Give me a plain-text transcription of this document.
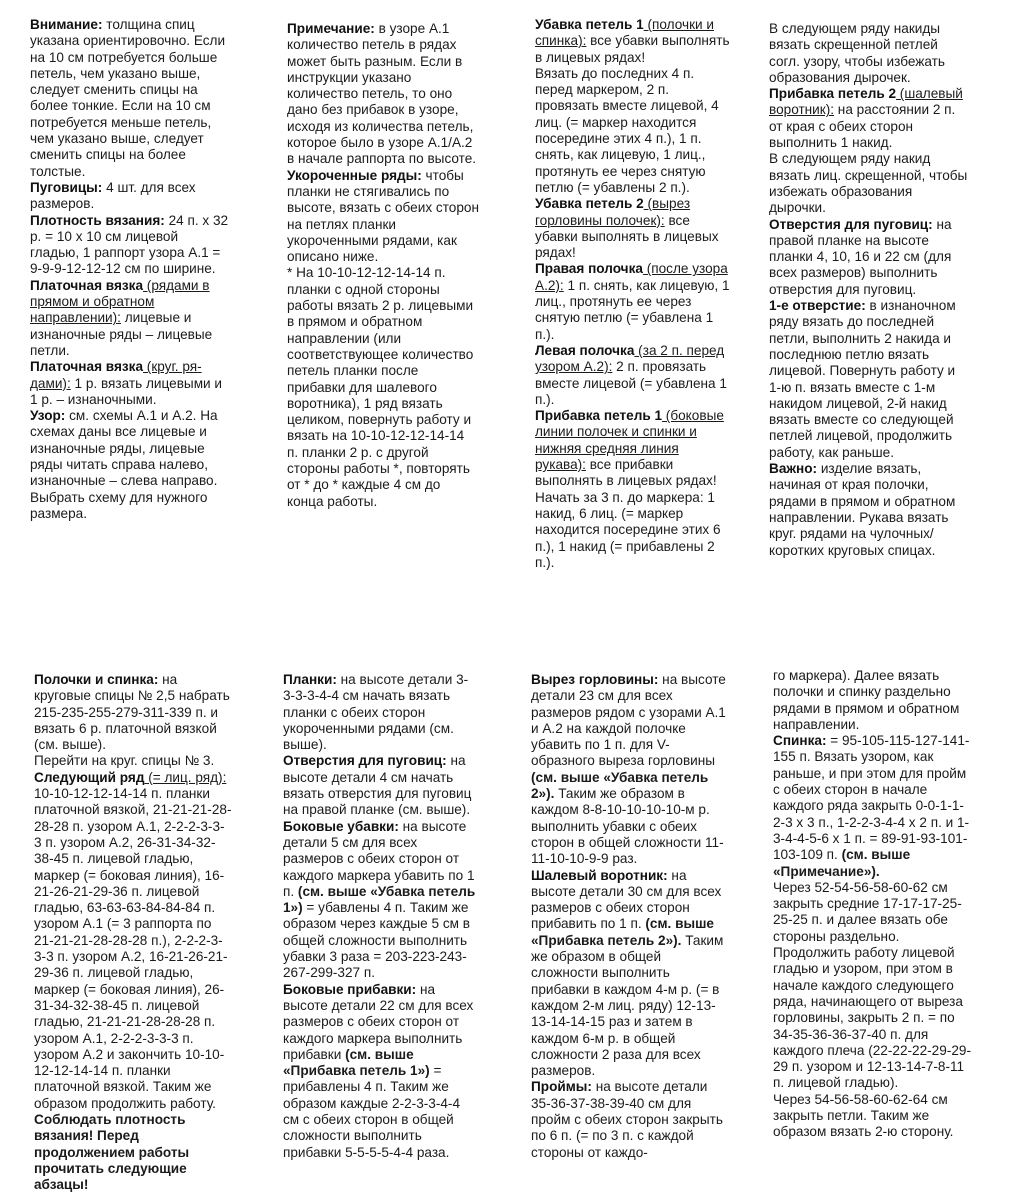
Внимание: толщина спиц указана ориентировочно. Если на 10 см потребуется больше петель, чем указано выше, следует сменить спицы на более тонкие. Если на 10 см потребуется меньше петель, чем указано выше, следует сменить спицы на более толстые.

Пуговицы: 4 шт. для всех размеров.

Плотность вязания: 24 п. x 32 р. = 10 x 10 см лицевой гладью, 1 раппорт узора A.1 = 9-9-9-12-12-12 см по ширине.

Платочная вязка (рядами в прямом и обратном направлении): лицевые и изнаночные ряды – лицевые петли.

Платочная вязка (круг. рядами): 1 р. вязать лицевыми и 1 р. – изнаночными.

Узор: см. схемы A.1 и A.2. На схемах даны все лицевые и изнаночные ряды, лицевые ряды читать справа налево, изнаночные – слева направо. Выбрать схему для нужного размера.

Примечание: в узоре A.1 количество петель в рядах может быть разным. Если в инструкции указано количество петель, то оно дано без прибавок в узоре, исходя из количества петель, которое было в узоре A.1/A.2 в начале раппорта по высоте.

Укороченные ряды: чтобы планки не стягивались по высоте, вязать с обеих сторон на петлях планки укороченными рядами, как описано ниже.

* На 10-10-12-12-14-14 п. планки с одной стороны работы вязать 2 р. лицевыми в прямом и обратном направлении (или соответствующее количество петель планки после прибавки для шалевого воротника), 1 ряд вязать целиком, повернуть работу и вязать на 10-10-12-12-14-14 п. планки 2 р. с другой стороны работы *, повторять от * до * каждые 4 см до конца работы.

Убавка петель 1 (полочки и спинка): все убавки выполнять в лицевых рядах!

Вязать до последних 4 п. перед маркером, 2 п. провязать вместе лицевой, 4 лиц. (= маркер находится посередине этих 4 п.), 1 п. снять, как лицевую, 1 лиц., протянуть ее через снятую петлю (= убавлены 2 п.).

Убавка петель 2 (вырез горловины полочек): все убавки выполнять в лицевых рядах!

Правая полочка (после узора A.2): 1 п. снять, как лицевую, 1 лиц., протянуть ее через снятую петлю (= убавлена 1 п.).

Левая полочка (за 2 п. перед узором A.2): 2 п. провязать вместе лицевой (= убавлена 1 п.).

Прибавка петель 1 (боковые линии полочек и спинки и нижняя средняя линия рукава): все прибавки выполнять в лицевых рядах!

Начать за 3 п. до маркера: 1 накид, 6 лиц. (= маркер находится посередине этих 6 п.), 1 накид (= прибавлены 2 п.).

В следующем ряду накиды вязать скрещенной петлей согл. узору, чтобы избежать образования дырочек.

Прибавка петель 2 (шалевый воротник): на расстоянии 2 п. от края с обеих сторон выполнить 1 накид.

В следующем ряду накид вязать лиц. скрещенной, чтобы избежать образования дырочки.

Отверстия для пуговиц: на правой планке на высоте планки 4, 10, 16 и 22 см (для всех размеров) выполнить отверстия для пуговиц.

1-е отверстие: в изнаночном ряду вязать до последней петли, выполнить 2 накида и последнюю петлю вязать лицевой. Повернуть работу и 1-ю п. вязать вместе с 1-м накидом лицевой, 2-й накид вязать вместе со следующей петлей лицевой, продолжить работу, как раньше.

Важно: изделие вязать, начиная от края полочки, рядами в прямом и обратном направлении. Рукава вязать круг. рядами на чулочных/коротких круговых спицах.

Полочки и спинка: на круговые спицы № 2,5 набрать 215-235-255-279-311-339 п. и вязать 6 р. платочной вязкой (см. выше).

Перейти на круг. спицы № 3.

Следующий ряд (= лиц. ряд): 10-10-12-12-14-14 п. планки платочной вязкой, 21-21-21-28-28-28 п. узором A.1, 2-2-2-3-3-3 п. узором A.2, 26-31-34-32-38-45 п. лицевой гладью, маркер (= боковая линия), 16-21-26-21-29-36 п. лицевой гладью, 63-63-63-84-84-84 п. узором A.1 (= 3 раппорта по 21-21-21-28-28-28 п.), 2-2-2-3-3-3 п. узором A.2, 16-21-26-21-29-36 п. лицевой гладью, маркер (= боковая линия), 26-31-34-32-38-45 п. лицевой гладью, 21-21-21-28-28-28 п. узором A.1, 2-2-2-3-3-3 п. узором A.2 и закончить 10-10-12-12-14-14 п. планки платочной вязкой. Таким же образом продолжить работу. Соблюдать плотность вязания! Перед продолжением работы прочитать следующие абзацы!

Планки: на высоте детали 3-3-3-3-4-4 см начать вязать планки с обеих сторон укороченными рядами (см. выше).

Отверстия для пуговиц: на высоте детали 4 см начать вязать отверстия для пуговиц на правой планке (см. выше).

Боковые убавки: на высоте детали 5 см для всех размеров с обеих сторон от каждого маркера убавить по 1 п. (см. выше «Убавка петель 1») = убавлены 4 п. Таким же образом через каждые 5 см в общей сложности выполнить убавки 3 раза = 203-223-243-267-299-327 п.

Боковые прибавки: на высоте детали 22 см для всех размеров с обеих сторон от каждого маркера выполнить прибавки (см. выше «Прибавка петель 1») = прибавлены 4 п. Таким же образом каждые 2-2-3-3-4-4 см с обеих сторон в общей сложности выполнить прибавки 5-5-5-5-4-4 раза.

Вырез горловины: на высоте детали 23 см для всех размеров рядом с узорами A.1 и A.2 на каждой полочке убавить по 1 п. для V-образного выреза горловины (см. выше «Убавка петель 2»). Таким же образом в каждом 8-8-10-10-10-10-м р. выполнить убавки с обеих сторон в общей сложности 11-11-10-10-9-9 раз.

Шалевый воротник: на высоте детали 30 см для всех размеров с обеих сторон прибавить по 1 п. (см. выше «Прибавка петель 2»). Таким же образом в общей сложности выполнить прибавки в каждом 4-м р. (= в каждом 2-м лиц. ряду) 12-13-13-14-14-15 раз и затем в каждом 6-м р. в общей сложности 2 раза для всех размеров.

Проймы: на высоте детали 35-36-37-38-39-40 см для пройм с обеих сторон закрыть по 6 п. (= по 3 п. с каждой стороны от каждо-

го маркера). Далее вязать полочки и спинку раздельно рядами в прямом и обратном направлении.

Спинка: = 95-105-115-127-141-155 п. Вязать узором, как раньше, и при этом для пройм с обеих сторон в начале каждого ряда закрыть 0-0-1-1-2-3 x 3 п., 1-2-2-3-4-4 x 2 п. и 1-3-4-4-5-6 x 1 п. = 89-91-93-101-103-109 п. (см. выше «Примечание»).

Через 52-54-56-58-60-62 см закрыть средние 17-17-17-25-25-25 п. и далее вязать обе стороны раздельно.

Продолжить работу лицевой гладью и узором, при этом в начале каждого следующего ряда, начинающего от выреза горловины, закрыть 2 п. = по 34-35-36-36-37-40 п. для каждого плеча (22-22-22-29-29-29 п. узором и 12-13-14-7-8-11 п. лицевой гладью).

Через 54-56-58-60-62-64 см закрыть петли. Таким же образом вязать 2-ю сторону.
